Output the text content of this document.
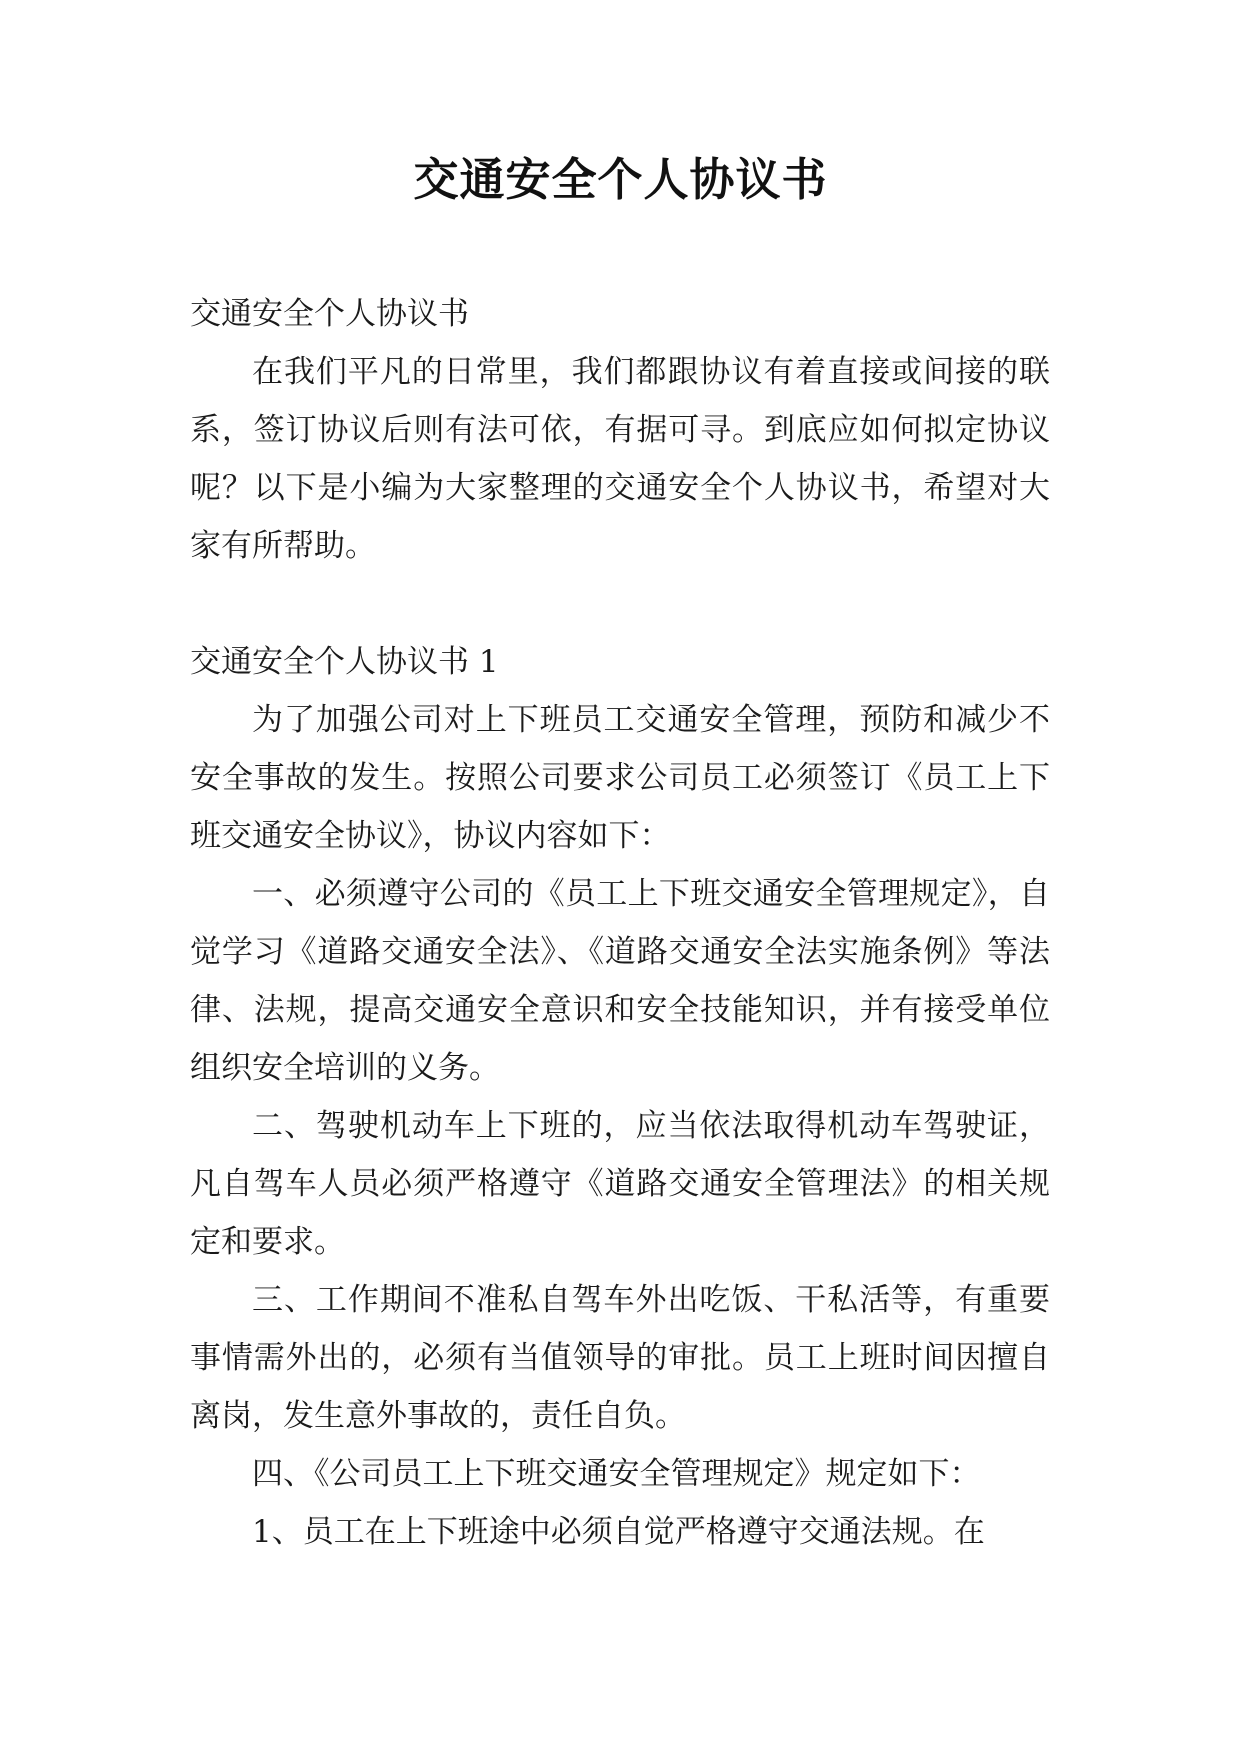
交通安全个人协议书

交通安全个人协议书

在我们平凡的日常里，我们都跟协议有着直接或间接的联系，签订协议后则有法可依，有据可寻。到底应如何拟定协议呢？以下是小编为大家整理的交通安全个人协议书，希望对大家有所帮助。

交通安全个人协议书 1

为了加强公司对上下班员工交通安全管理，预防和减少不安全事故的发生。按照公司要求公司员工必须签订《员工上下班交通安全协议》，协议内容如下：

一、必须遵守公司的《员工上下班交通安全管理规定》，自觉学习《道路交通安全法》、《道路交通安全法实施条例》等法律、法规，提高交通安全意识和安全技能知识，并有接受单位组织安全培训的义务。

二、驾驶机动车上下班的，应当依法取得机动车驾驶证，凡自驾车人员必须严格遵守《道路交通安全管理法》的相关规定和要求。

三、工作期间不准私自驾车外出吃饭、干私活等，有重要事情需外出的，必须有当值领导的审批。员工上班时间因擅自离岗，发生意外事故的，责任自负。

四、《公司员工上下班交通安全管理规定》规定如下：

1、员工在上下班途中必须自觉严格遵守交通法规。在
